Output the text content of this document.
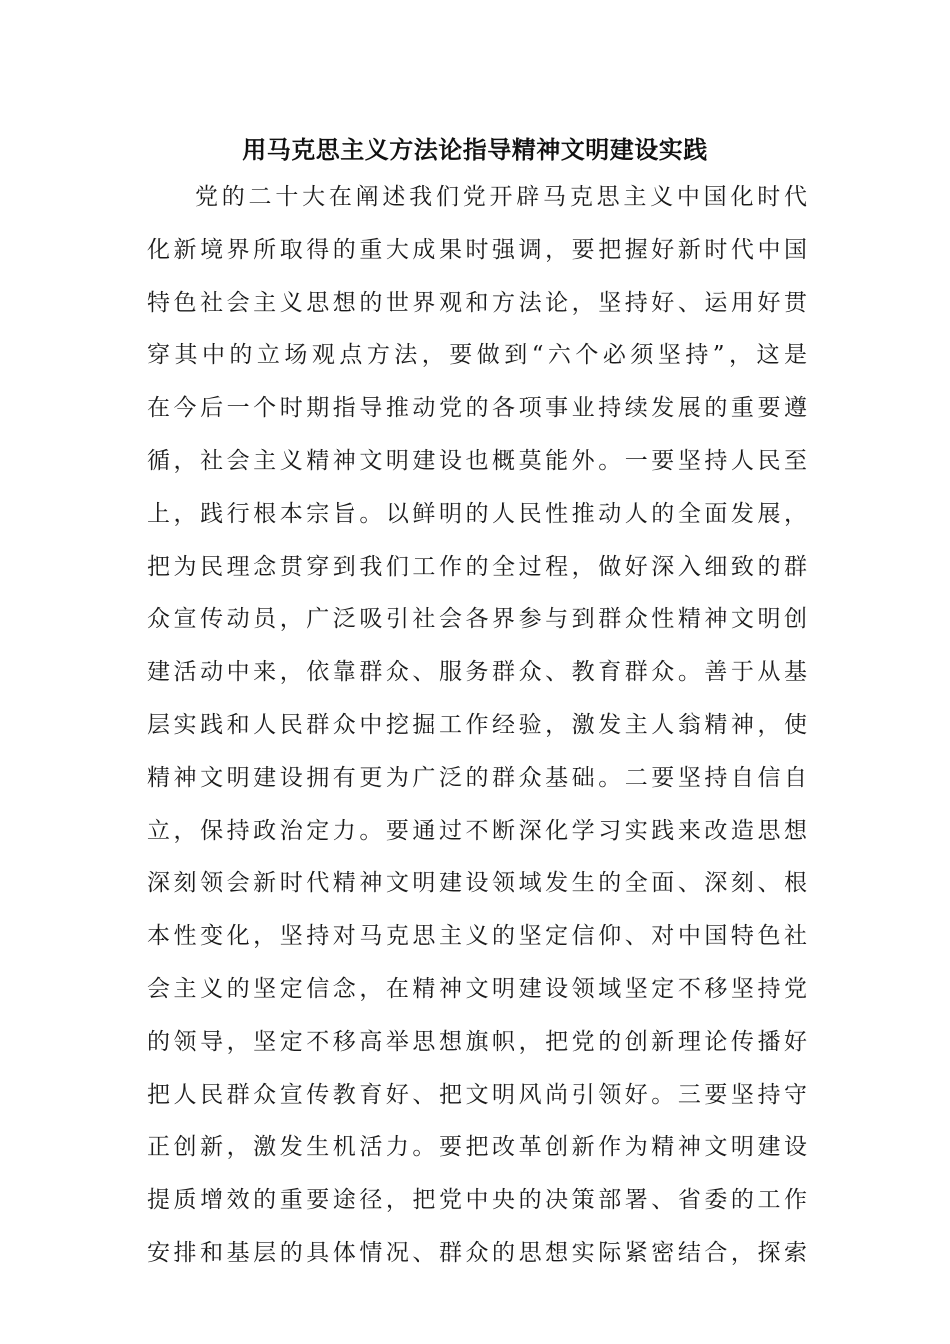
用马克思主义方法论指导精神文明建设实践
党的二十大在阐述我们党开辟马克思主义中国化时代
化新境界所取得的重大成果时强调，要把握好新时代中国
特色社会主义思想的世界观和方法论，坚持好、运用好贯
穿其中的立场观点方法，要做到“六个必须坚持”，这是
在今后一个时期指导推动党的各项事业持续发展的重要遵
循，社会主义精神文明建设也概莫能外。一要坚持人民至
上，践行根本宗旨。以鲜明的人民性推动人的全面发展，
把为民理念贯穿到我们工作的全过程，做好深入细致的群
众宣传动员，广泛吸引社会各界参与到群众性精神文明创
建活动中来，依靠群众、服务群众、教育群众。善于从基
层实践和人民群众中挖掘工作经验，激发主人翁精神，使
精神文明建设拥有更为广泛的群众基础。二要坚持自信自
立，保持政治定力。要通过不断深化学习实践来改造思想
深刻领会新时代精神文明建设领域发生的全面、深刻、根
本性变化，坚持对马克思主义的坚定信仰、对中国特色社
会主义的坚定信念，在精神文明建设领域坚定不移坚持党
的领导，坚定不移高举思想旗帜，把党的创新理论传播好
把人民群众宣传教育好、把文明风尚引领好。三要坚持守
正创新，激发生机活力。要把改革创新作为精神文明建设
提质增效的重要途径，把党中央的决策部署、省委的工作
安排和基层的具体情况、群众的思想实际紧密结合，探索
